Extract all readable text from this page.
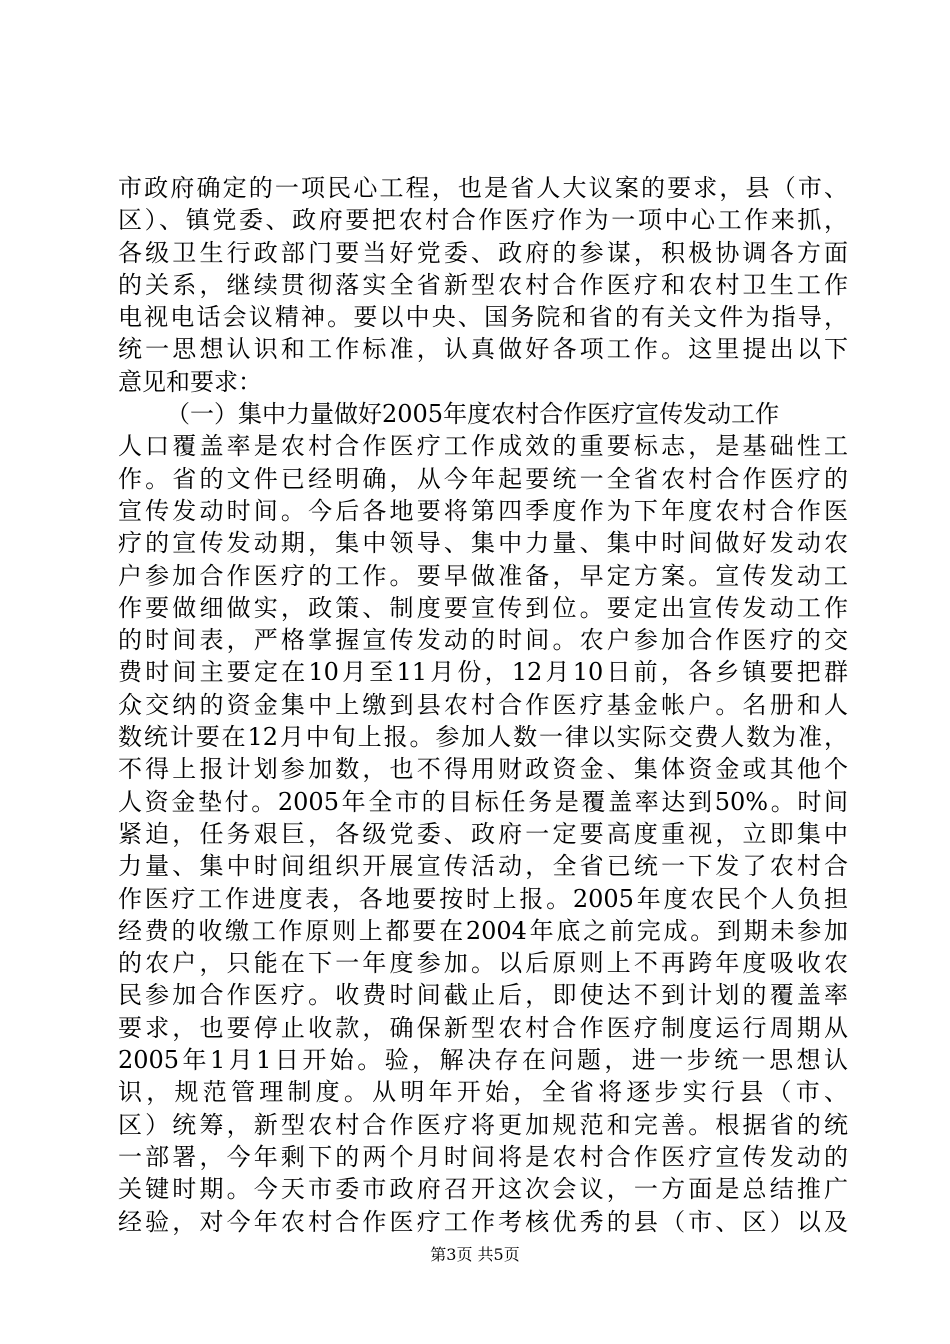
市政府确定的一项民心工程，也是省人大议案的要求，县（市、
区）、镇党委、政府要把农村合作医疗作为一项中心工作来抓，
各级卫生行政部门要当好党委、政府的参谋，积极协调各方面
的关系，继续贯彻落实全省新型农村合作医疗和农村卫生工作
电视电话会议精神。要以中央、国务院和省的有关文件为指导，
统一思想认识和工作标准，认真做好各项工作。这里提出以下
意见和要求：
（一）集中力量做好2005年度农村合作医疗宣传发动工作
人口覆盖率是农村合作医疗工作成效的重要标志，是基础性工
作。省的文件已经明确，从今年起要统一全省农村合作医疗的
宣传发动时间。今后各地要将第四季度作为下年度农村合作医
疗的宣传发动期，集中领导、集中力量、集中时间做好发动农
户参加合作医疗的工作。要早做准备，早定方案。宣传发动工
作要做细做实，政策、制度要宣传到位。要定出宣传发动工作
的时间表，严格掌握宣传发动的时间。农户参加合作医疗的交
费时间主要定在10月至11月份，12月10日前，各乡镇要把群
众交纳的资金集中上缴到县农村合作医疗基金帐户。名册和人
数统计要在12月中旬上报。参加人数一律以实际交费人数为准，
不得上报计划参加数，也不得用财政资金、集体资金或其他个
人资金垫付。2005年全市的目标任务是覆盖率达到50%。时间
紧迫，任务艰巨，各级党委、政府一定要高度重视，立即集中
力量、集中时间组织开展宣传活动，全省已统一下发了农村合
作医疗工作进度表，各地要按时上报。2005年度农民个人负担
经费的收缴工作原则上都要在2004年底之前完成。到期未参加
的农户，只能在下一年度参加。以后原则上不再跨年度吸收农
民参加合作医疗。收费时间截止后，即使达不到计划的覆盖率
要求，也要停止收款，确保新型农村合作医疗制度运行周期从
2005年1月1日开始。验，解决存在问题，进一步统一思想认
识，规范管理制度。从明年开始，全省将逐步实行县（市、
区）统筹，新型农村合作医疗将更加规范和完善。根据省的统
一部署，今年剩下的两个月时间将是农村合作医疗宣传发动的
关键时期。今天市委市政府召开这次会议，一方面是总结推广
经验，对今年农村合作医疗工作考核优秀的县（市、区）以及
第3页 共5页
